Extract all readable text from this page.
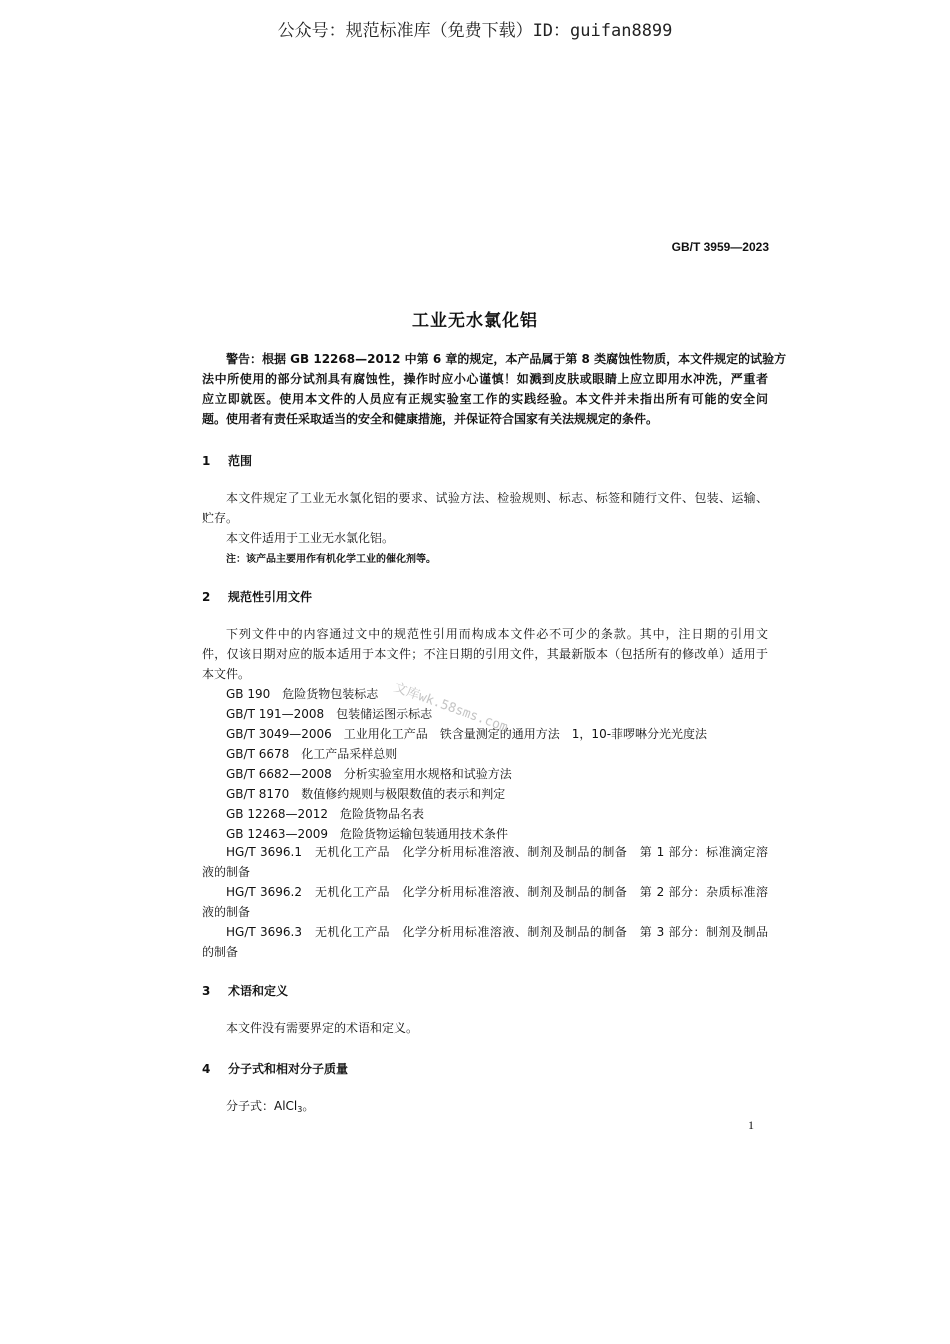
公众号：规范标准库（免费下载）ID：guifan8899
GB/T 3959—2023
工业无水氯化铝
警告：根据 GB 12268—2012 中第 6 章的规定，本产品属于第 8 类腐蚀性物质，本文件规定的试验方
法中所使用的部分试剂具有腐蚀性，操作时应小心谨慎！如溅到皮肤或眼睛上应立即用水冲洗，严重者
应立即就医。使用本文件的人员应有正规实验室工作的实践经验。本文件并未指出所有可能的安全问
题。使用者有责任采取适当的安全和健康措施，并保证符合国家有关法规规定的条件。
1 范围
本文件规定了工业无水氯化铝的要求、试验方法、检验规则、标志、标签和随行文件、包装、运输、
贮存。
本文件适用于工业无水氯化铝。
注：该产品主要用作有机化学工业的催化剂等。
2 规范性引用文件
下列文件中的内容通过文中的规范性引用而构成本文件必不可少的条款。其中，注日期的引用文
件，仅该日期对应的版本适用于本文件；不注日期的引用文件，其最新版本（包括所有的修改单）适用于
本文件。
GB 190　危险货物包装标志
GB/T 191—2008　包装储运图示标志
GB/T 3049—2006　工业用化工产品　铁含量测定的通用方法　1，10-菲啰啉分光光度法
GB/T 6678　化工产品采样总则
GB/T 6682—2008　分析实验室用水规格和试验方法
GB/T 8170　数值修约规则与极限数值的表示和判定
GB 12268—2012　危险货物品名表
GB 12463—2009　危险货物运输包装通用技术条件
HG/T 3696.1　无机化工产品　化学分析用标准溶液、制剂及制品的制备　第 1 部分：标准滴定溶
液的制备
HG/T 3696.2　无机化工产品　化学分析用标准溶液、制剂及制品的制备　第 2 部分：杂质标准溶
液的制备
HG/T 3696.3　无机化工产品　化学分析用标准溶液、制剂及制品的制备　第 3 部分：制剂及制品
的制备
文库wk.58sms.com
3 术语和定义
本文件没有需要界定的术语和定义。
4 分子式和相对分子质量
分子式：AlCl$_3$。
1
